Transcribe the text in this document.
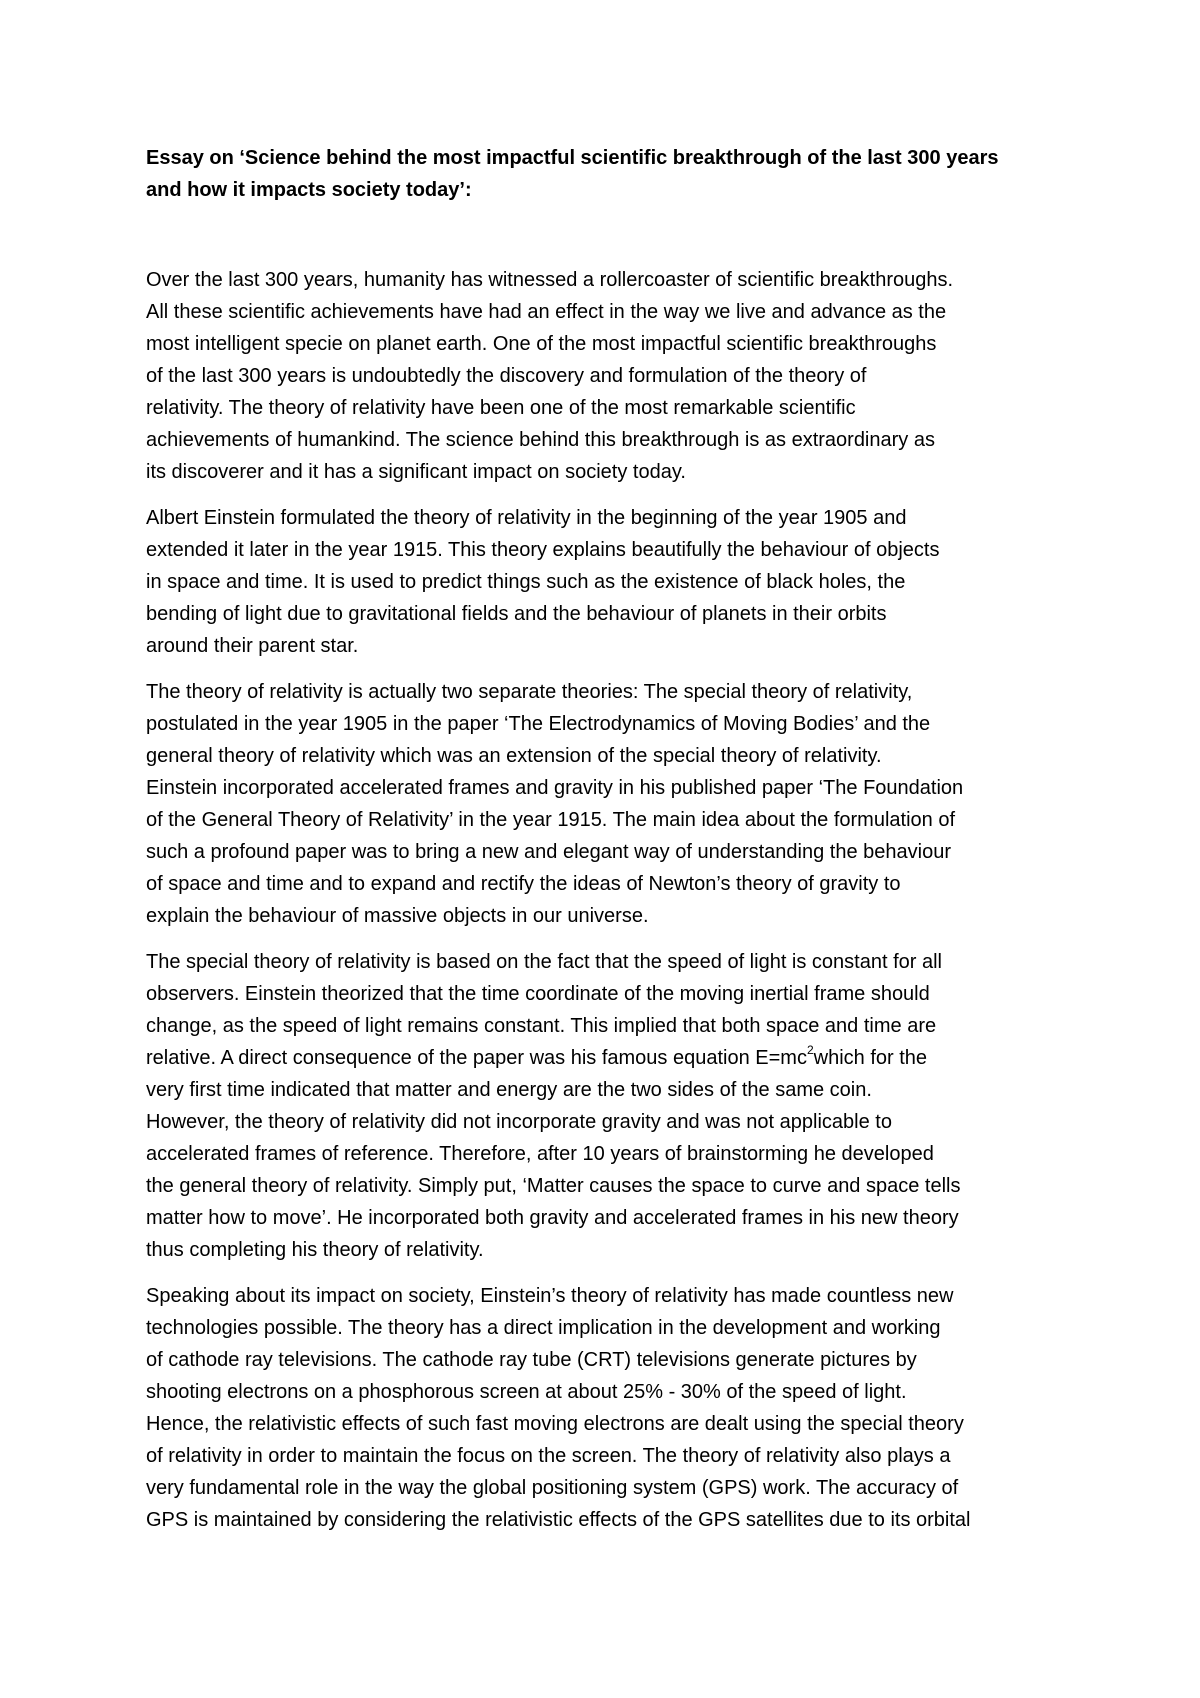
Essay on ‘Science behind the most impactful scientific breakthrough of the last 300 years
and how it impacts society today’:
Over the last 300 years, humanity has witnessed a rollercoaster of scientific breakthroughs.
All these scientific achievements have had an effect in the way we live and advance as the
most intelligent specie on planet earth. One of the most impactful scientific breakthroughs
of the last 300 years is undoubtedly the discovery and formulation of the theory of
relativity. The theory of relativity have been one of the most remarkable scientific
achievements of humankind. The science behind this breakthrough is as extraordinary as
its discoverer and it has a significant impact on society today.
Albert Einstein formulated the theory of relativity in the beginning of the year 1905 and
extended it later in the year 1915. This theory explains beautifully the behaviour of objects
in space and time. It is used to predict things such as the existence of black holes, the
bending of light due to gravitational fields and the behaviour of planets in their orbits
around their parent star.
The theory of relativity is actually two separate theories: The special theory of relativity,
postulated in the year 1905 in the paper ‘The Electrodynamics of Moving Bodies’ and the
general theory of relativity which was an extension of the special theory of relativity.
Einstein incorporated accelerated frames and gravity in his published paper ‘The Foundation
of the General Theory of Relativity’ in the year 1915. The main idea about the formulation of
such a profound paper was to bring a new and elegant way of understanding the behaviour
of space and time and to expand and rectify the ideas of Newton’s theory of gravity to
explain the behaviour of massive objects in our universe.
The special theory of relativity is based on the fact that the speed of light is constant for all
observers. Einstein theorized that the time coordinate of the moving inertial frame should
change, as the speed of light remains constant. This implied that both space and time are
relative. A direct consequence of the paper was his famous equation $E=mc^2which$ for the
very first time indicated that matter and energy are the two sides of the same coin.
However, the theory of relativity did not incorporate gravity and was not applicable to
accelerated frames of reference. Therefore, after 10 years of brainstorming he developed
the general theory of relativity. Simply put, ‘Matter causes the space to curve and space tells
matter how to move’. He incorporated both gravity and accelerated frames in his new theory
thus completing his theory of relativity.
Speaking about its impact on society, Einstein’s theory of relativity has made countless new
technologies possible. The theory has a direct implication in the development and working
of cathode ray televisions. The cathode ray tube (CRT) televisions generate pictures by
shooting electrons on a phosphorous screen at about 25% - 30% of the speed of light.
Hence, the relativistic effects of such fast moving electrons are dealt using the special theory
of relativity in order to maintain the focus on the screen. The theory of relativity also plays a
very fundamental role in the way the global positioning system (GPS) work. The accuracy of
GPS is maintained by considering the relativistic effects of the GPS satellites due to its orbital
